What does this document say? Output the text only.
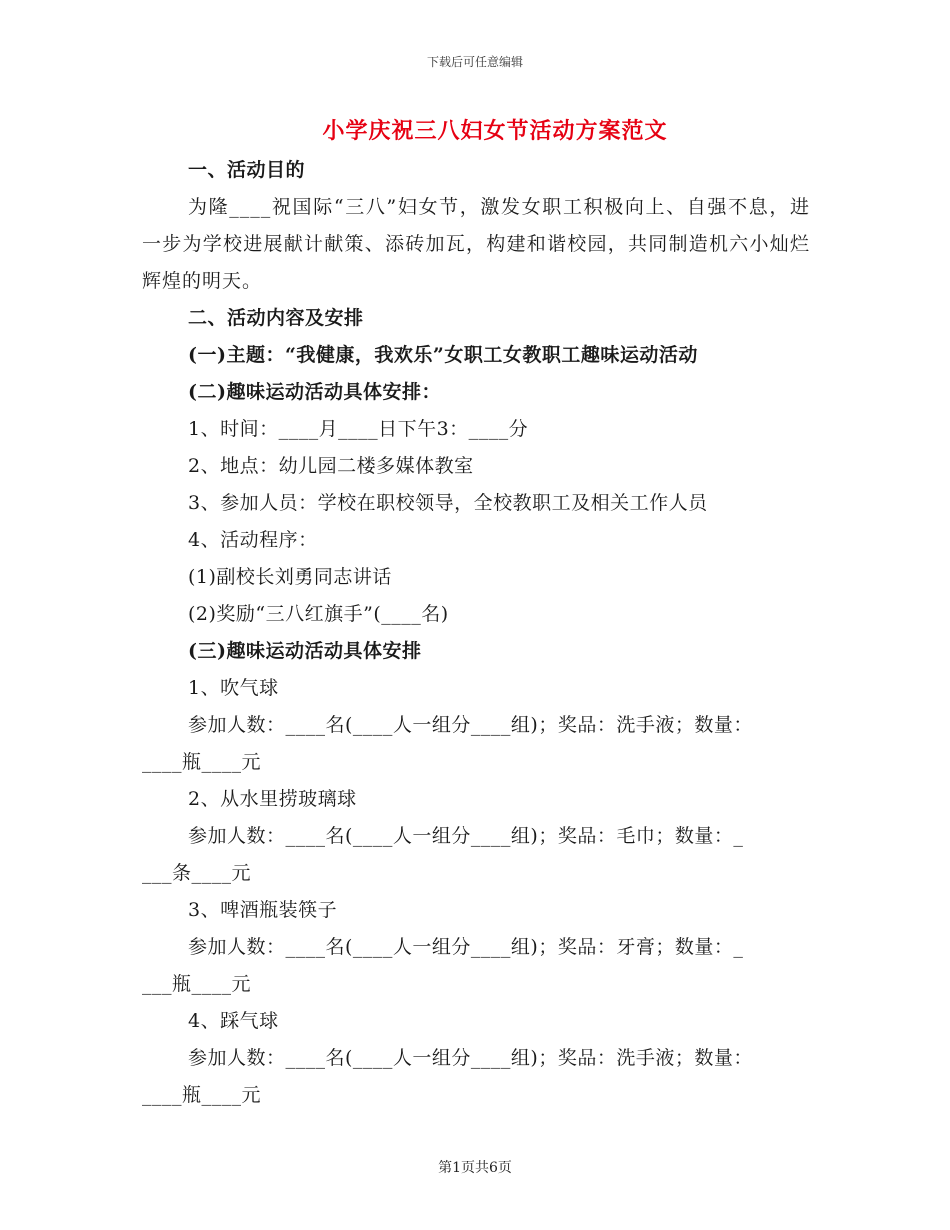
下载后可任意编辑
小学庆祝三八妇女节活动方案范文
一、活动目的
为隆____祝国际“三八”妇女节，激发女职工积极向上、自强不息，进一步为学校进展献计献策、添砖加瓦，构建和谐校园，共同制造机六小灿烂辉煌的明天。
二、活动内容及安排
(一)主题：“我健康，我欢乐”女职工女教职工趣味运动活动
(二)趣味运动活动具体安排：
1、时间：____月____日下午3：____分
2、地点：幼儿园二楼多媒体教室
3、参加人员：学校在职校领导，全校教职工及相关工作人员
4、活动程序：
(1)副校长刘勇同志讲话
(2)奖励“三八红旗手”(____名)
(三)趣味运动活动具体安排
1、吹气球
参加人数：____名(____人一组分____组)；奖品：洗手液；数量：
____瓶____元
2、从水里捞玻璃球
参加人数：____名(____人一组分____组)；奖品：毛巾；数量：_
___条____元
3、啤酒瓶装筷子
参加人数：____名(____人一组分____组)；奖品：牙膏；数量：_
___瓶____元
4、踩气球
参加人数：____名(____人一组分____组)；奖品：洗手液；数量：
____瓶____元
第1页共6页
